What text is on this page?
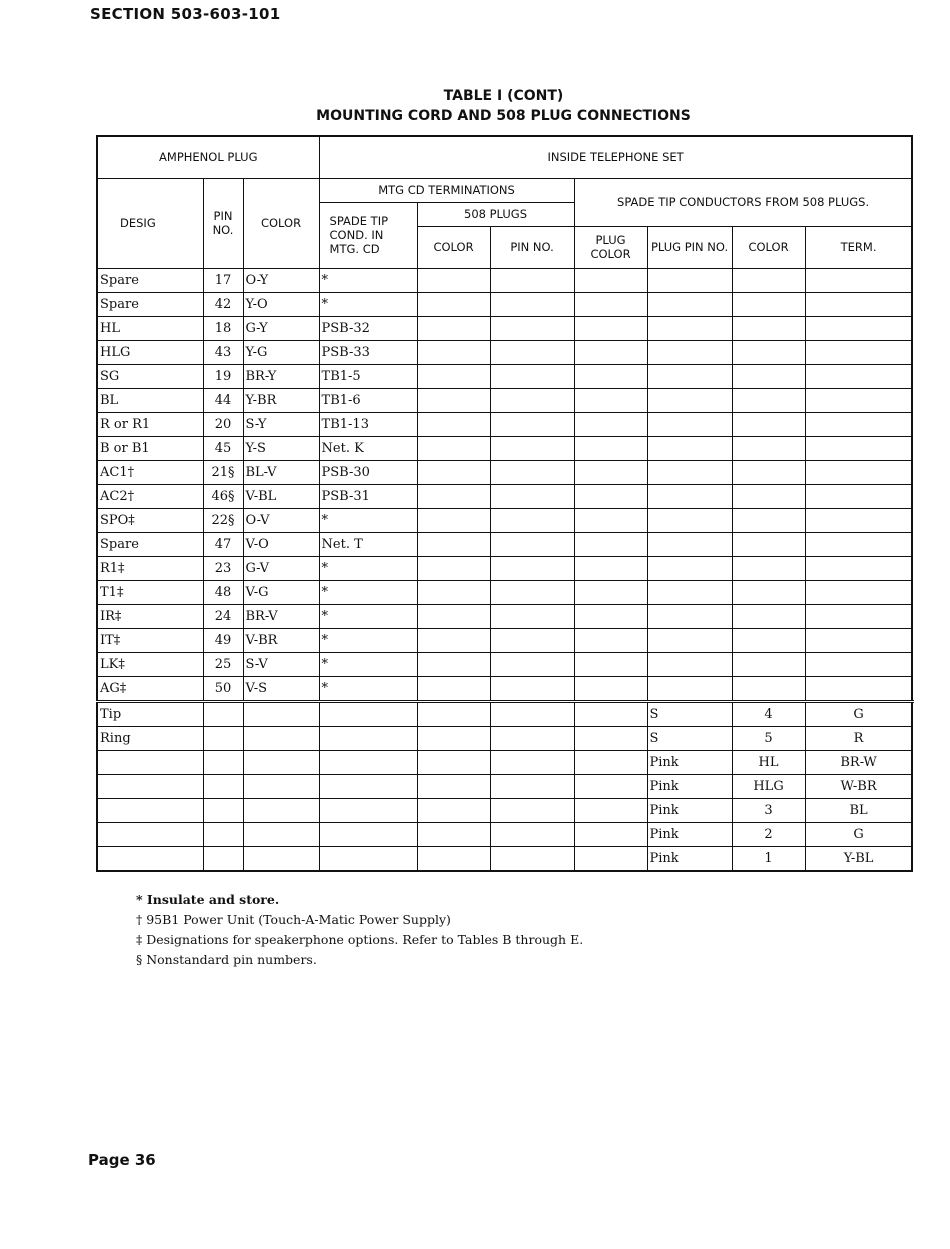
SECTION 503-603-101
TABLE I (CONT)
MOUNTING CORD AND 508 PLUG CONNECTIONS
AMPHENOL PLUG			INSIDE TELEPHONE SET							
DESIG	PIN NO.	COLOR	MTG CD TERMINATIONS			SPADE TIP CONDUCTORS FROM 508 PLUGS.				
			SPADE TIP COND. IN MTG. CD	508 PLUGS						
				COLOR	PIN NO.	PLUG COLOR	PLUG PIN NO.	COLOR	TERM.	
Spare	17	O-Y	*							
Spare	42	Y-O	*							
HL	18	G-Y	PSB-32							
HLG	43	Y-G	PSB-33							
SG	19	BR-Y	TB1-5							
BL	44	Y-BR	TB1-6							
R or R1	20	S-Y	TB1-13							
B or B1	45	Y-S	Net. K							
AC1†	21§	BL-V	PSB-30							
AC2†	46§	V-BL	PSB-31							
SPO‡	22§	O-V	*							
Spare	47	V-O	Net. T							
R1‡	23	G-V	*							
T1‡	48	V-G	*							
IR‡	24	BR-V	*							
IT‡	49	V-BR	*							
LK‡	25	S-V	*							
AG‡	50	V-S	*							
Tip							S	4	G	
Ring							S	5	R	
							Pink	HL	BR-W	
							Pink	HLG	W-BR	
							Pink	3	BL	
							Pink	2	G	
							Pink	1	Y-BL	
* Insulate and store.
† 95B1 Power Unit (Touch-A-Matic Power Supply)
‡ Designations for speakerphone options. Refer to Tables B through E.
§ Nonstandard pin numbers.
Page 36
